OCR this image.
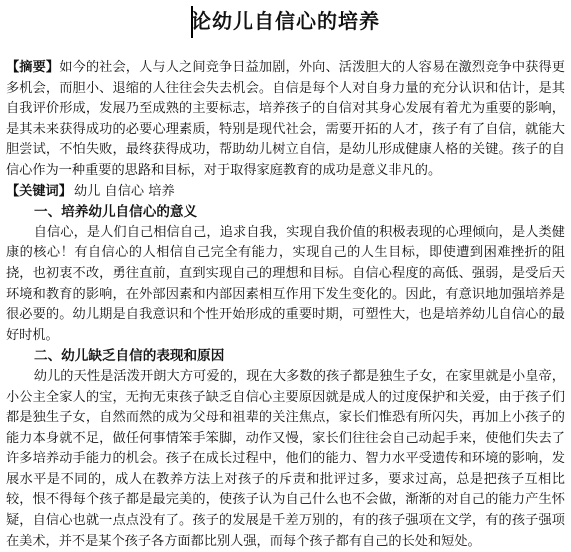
论幼儿自信心的培养

【摘要】如今的社会，人与人之间竞争日益加剧，外向、活泼胆大的人容易在激烈竞争中获得更多机会，而胆小、退缩的人往往会失去机会。自信是每个人对自身力量的充分认识和估计，是其自我评价形成，发展乃至成熟的主要标志，培养孩子的自信对其身心发展有着尤为重要的影响，是其未来获得成功的必要心理素质，特别是现代社会，需要开拓的人才，孩子有了自信，就能大胆尝试，不怕失败，最终获得成功，帮助幼儿树立自信，是幼儿形成健康人格的关键。孩子的自信心作为一种重要的思路和目标，对于取得家庭教育的成功是意义非凡的。

【关键词】 幼儿 自信心 培养

一、培养幼儿自信心的意义

自信心，是人们自己相信自己，追求自我，实现自我价值的积极表现的心理倾向，是人类健康的核心！有自信心的人相信自己完全有能力，实现自己的人生目标，即使遭到困难挫折的阻挠，也初衷不改，勇往直前，直到实现自己的理想和目标。自信心程度的高低、强弱，是受后天环境和教育的影响，在外部因素和内部因素相互作用下发生变化的。因此，有意识地加强培养是很必要的。幼儿期是自我意识和个性开始形成的重要时期，可塑性大，也是培养幼儿自信心的最好时机。

二、幼儿缺乏自信的表现和原因

幼儿的天性是活泼开朗大方可爱的，现在大多数的孩子都是独生子女，在家里就是小皇帝，小公主全家人的宝，无拘无束孩子缺乏自信心主要原因就是成人的过度保护和关爱，由于孩子们都是独生子女，自然而然的成为父母和祖辈的关注焦点，家长们惟恐有所闪失，再加上小孩子的能力本身就不足，做任何事情笨手笨脚，动作又慢，家长们往往会自己动起手来，使他们失去了许多培养动手能力的机会。孩子在成长过程中，他们的能力、智力水平受遗传和环境的影响，发展水平是不同的，成人在教养方法上对孩子的斥责和批评过多，要求过高，总是把孩子互相比较，恨不得每个孩子都是最完美的，使孩子认为自己什么也不会做，渐渐的对自己的能力产生怀疑，自信心也就一点点没有了。孩子的发展是千差万别的，有的孩子强项在文学，有的孩子强项在美术，并不是某个孩子各方面都比别人强，而每个孩子都有自己的长处和短处。
